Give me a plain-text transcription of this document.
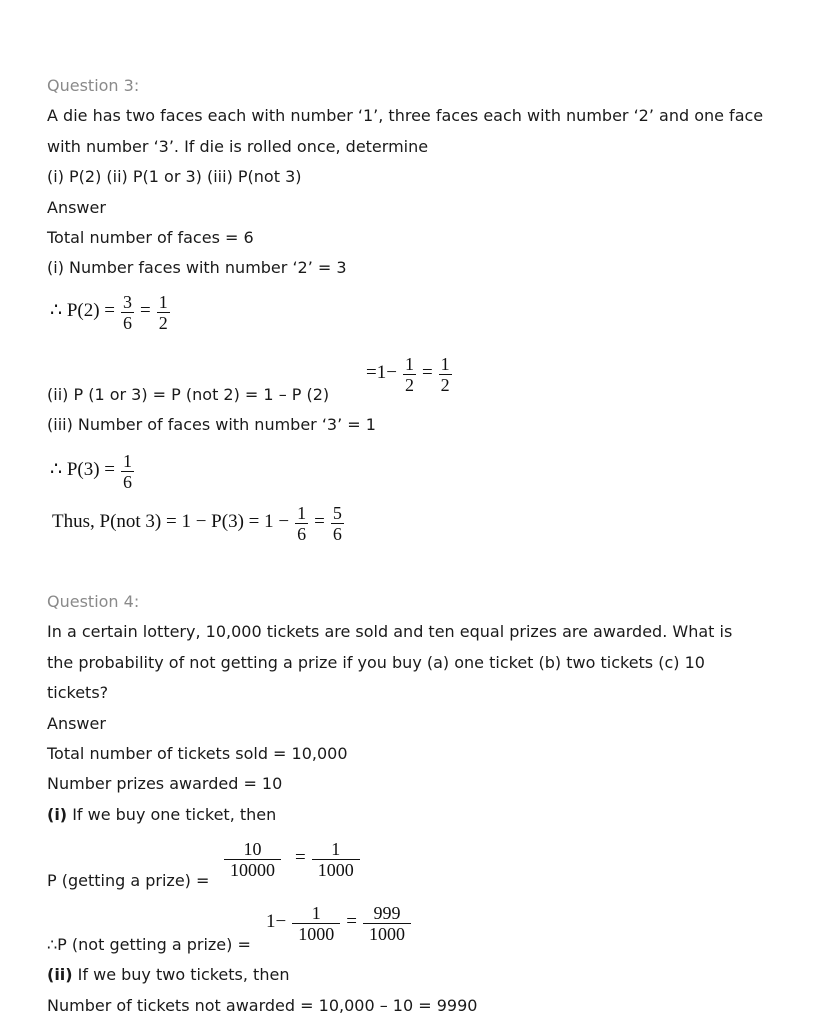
Question 3:
A die has two faces each with number ‘1’, three faces each with number ‘2’ and one face
with number ‘3’. If die is rolled once, determine
(i) P(2) (ii) P(1 or 3) (iii) P(not 3)
Answer
Total number of faces = 6
(i) Number faces with number ‘2’ = 3
∴ $P(2) = \frac{3}{6} = \frac{1}{2}$
$=1- \frac{1}{2} = \frac{1}{2}$
(ii) P (1 or 3) = P (not 2) = 1 – P (2)
(iii) Number of faces with number ‘3’ = 1
∴ $P(3) = \frac{1}{6}$
Thus, P(not $3) = 1 - P(3) = 1 - \frac{1}{6} = \frac{5}{6}$
Question 4:
In a certain lottery, 10,000 tickets are sold and ten equal prizes are awarded. What is
the probability of not getting a prize if you buy (a) one ticket (b) two tickets (c) 10
tickets?
Answer
Total number of tickets sold = 10,000
Number prizes awarded = 10
(i) If we buy one ticket, then
P (getting a prize) =
$\frac{10}{10000} = \frac{1}{1000}$
∴P (not getting a prize) =
$1- \frac{1}{1000} = \frac{999}{1000}$
(ii) If we buy two tickets, then
Number of tickets not awarded = 10,000 – 10 = 9990
